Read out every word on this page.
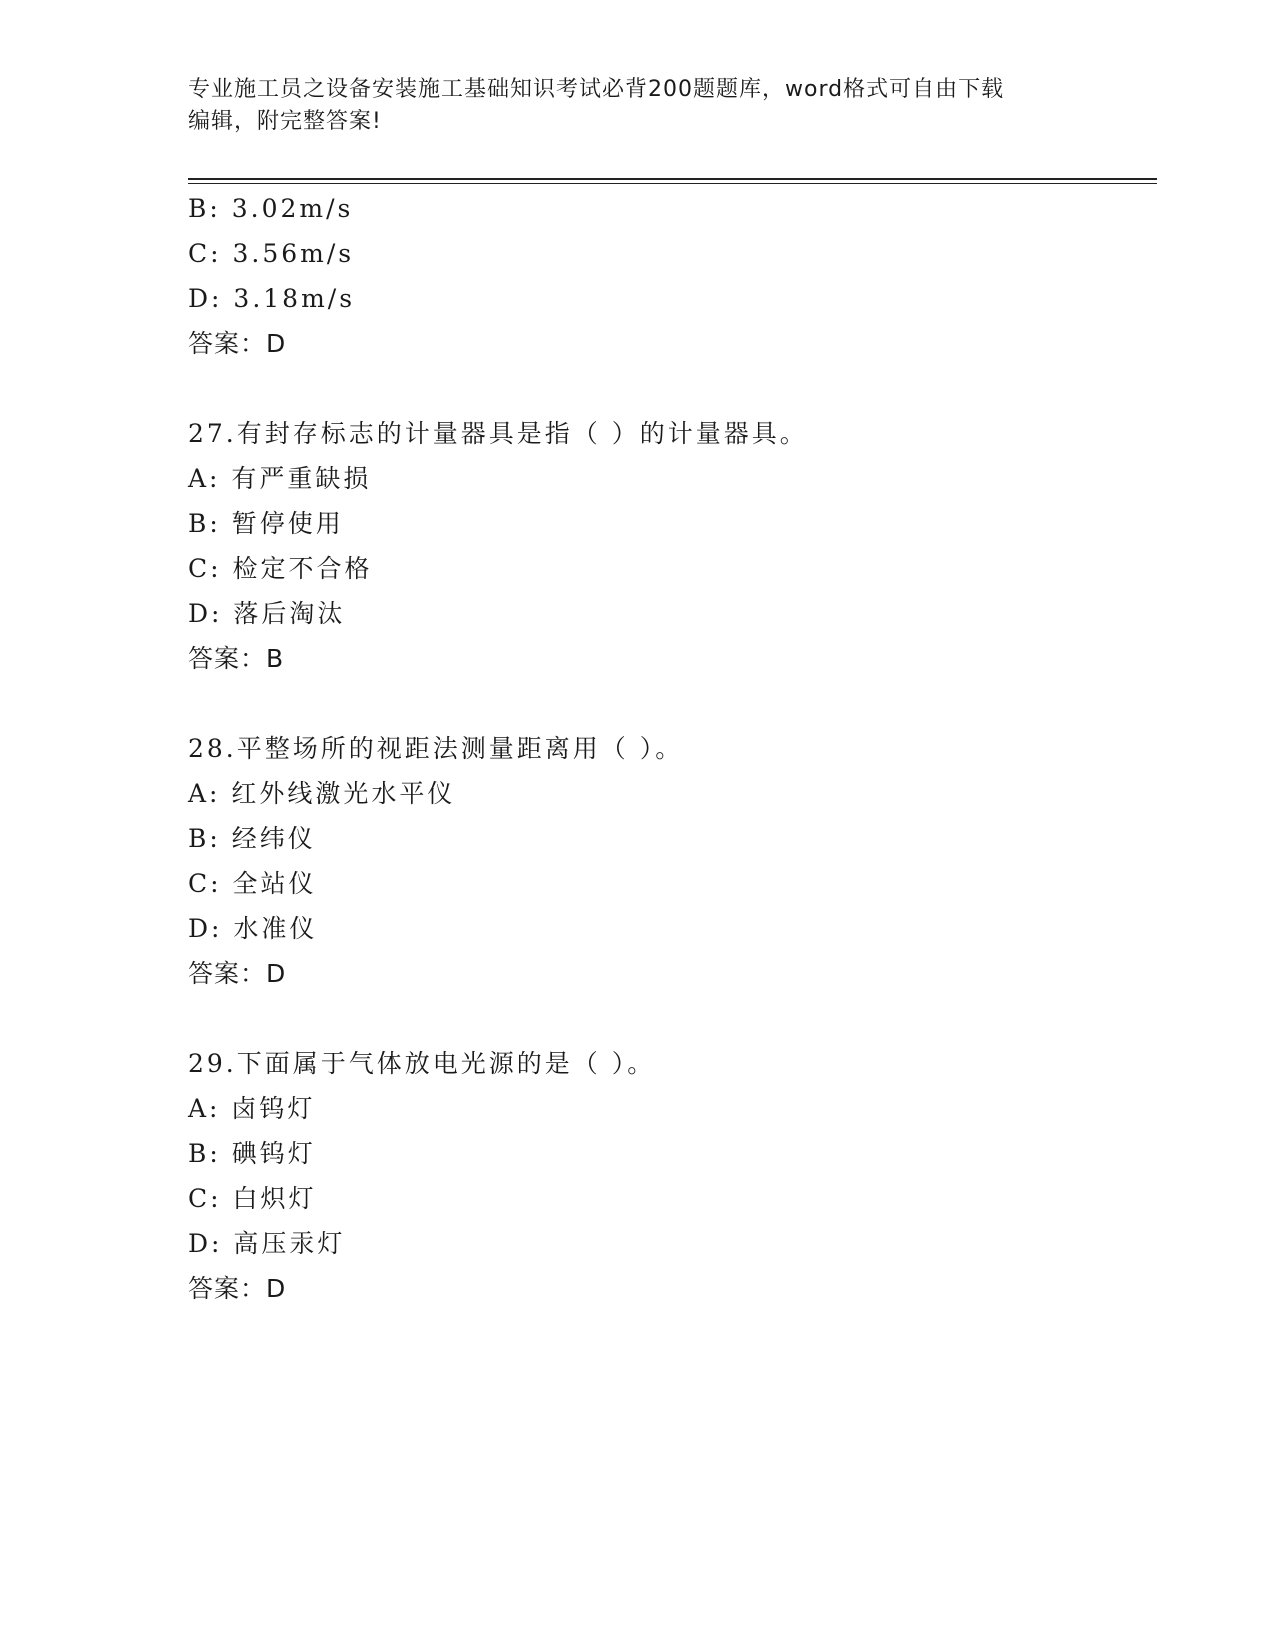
专业施工员之设备安装施工基础知识考试必背200题题库，word格式可自由下载
编辑，附完整答案!
B: 3.02m/s
C: 3.56m/s
D: 3.18m/s
答案：D
27.有封存标志的计量器具是指（ ）的计量器具。
A: 有严重缺损
B: 暂停使用
C: 检定不合格
D: 落后淘汰
答案：B
28.平整场所的视距法测量距离用（ ）。
A: 红外线激光水平仪
B: 经纬仪
C: 全站仪
D: 水准仪
答案：D
29.下面属于气体放电光源的是（ ）。
A: 卤钨灯
B: 碘钨灯
C: 白炽灯
D: 高压汞灯
答案：D
